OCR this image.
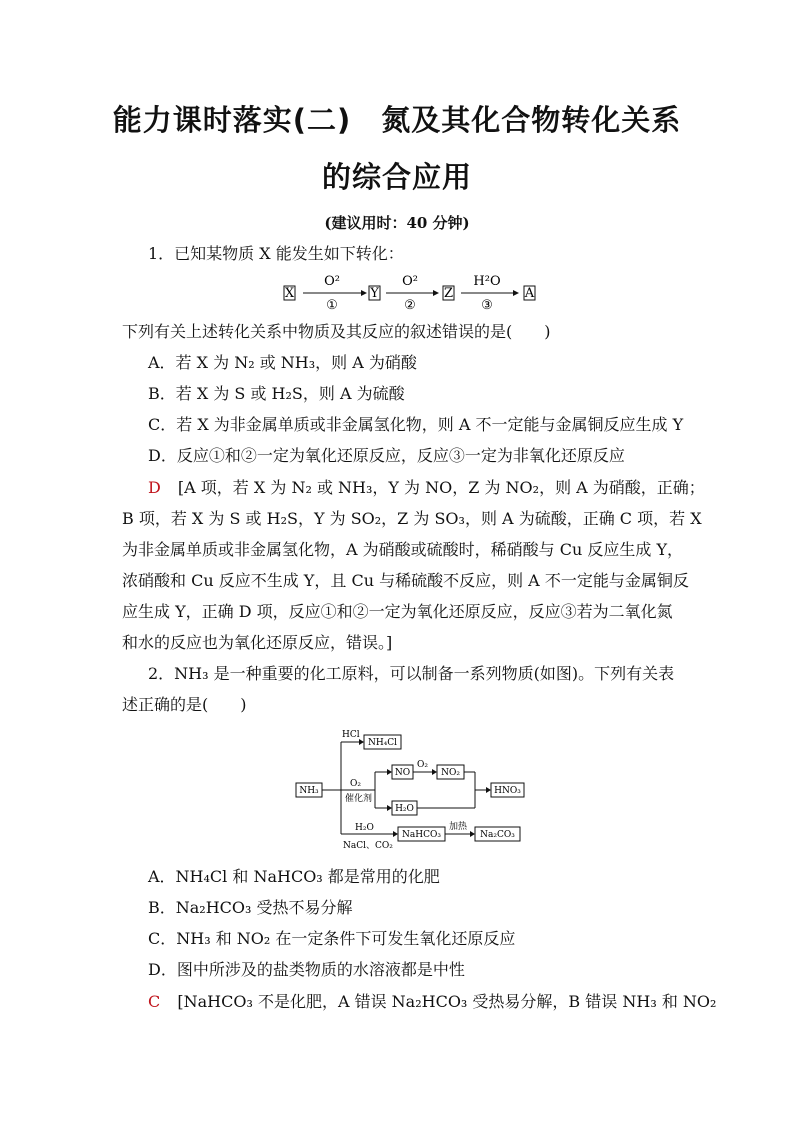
能力课时落实(二)　氮及其化合物转化关系
的综合应用
(建议用时：40 分钟)
1．已知某物质 X 能发生如下转化：
X
O²
①
Y
O²
②
Z
H²O
③
A
下列有关上述转化关系中物质及其反应的叙述错误的是(　　)
A．若 X 为 N₂ 或 NH₃，则 A 为硝酸
B．若 X 为 S 或 H₂S，则 A 为硫酸
C．若 X 为非金属单质或非金属氢化物，则 A 不一定能与金属铜反应生成 Y
D．反应①和②一定为氧化还原反应，反应③一定为非氧化还原反应
D [A 项，若 X 为 N₂ 或 NH₃，Y 为 NO，Z 为 NO₂，则 A 为硝酸，正确；
B 项，若 X 为 S 或 H₂S，Y 为 SO₂，Z 为 SO₃，则 A 为硫酸，正确 C 项，若 X
为非金属单质或非金属氢化物，A 为硝酸或硫酸时，稀硝酸与 Cu 反应生成 Y，
浓硝酸和 Cu 反应不生成 Y，且 Cu 与稀硫酸不反应，则 A 不一定能与金属铜反
应生成 Y，正确 D 项，反应①和②一定为氧化还原反应，反应③若为二氧化氮
和水的反应也为氧化还原反应，错误。]
2．NH₃ 是一种重要的化工原料，可以制备一系列物质(如图)。下列有关表
述正确的是(　　)
NH₃
HCl
NH₄Cl
O₂
催化剂
NO
O₂
NO₂
H₂O
HNO₃
H₂O
NaCl、CO₂
NaHCO₃
加热
Na₂CO₃
A．NH₄Cl 和 NaHCO₃ 都是常用的化肥
B．Na₂HCO₃ 受热不易分解
C．NH₃ 和 NO₂ 在一定条件下可发生氧化还原反应
D．图中所涉及的盐类物质的水溶液都是中性
C [NaHCO₃ 不是化肥，A 错误 Na₂HCO₃ 受热易分解，B 错误 NH₃ 和 NO₂
